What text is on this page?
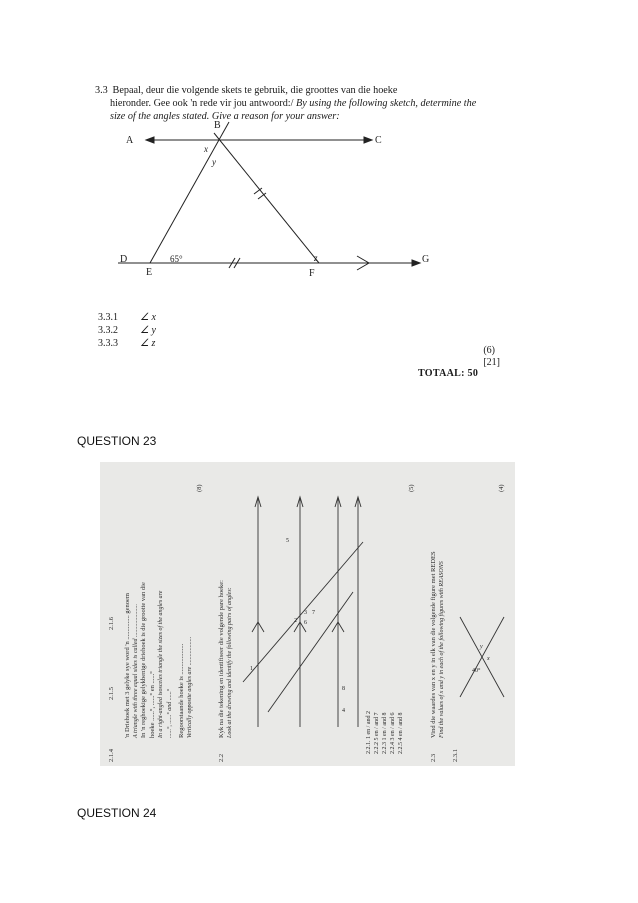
3.3 Bepaal, deur die volgende skets te gebruik, die groottes van die hoeke
hieronder. Gee ook 'n rede vir jou antwoord:/ By using the following sketch, determine the
size of the angles stated. Give a reason for your answer:
A
B
C
D
E	F
G
65°
x
y
z
3.3.1 ∠ x
3.3.2 ∠ y
3.3.3 ∠ z
(6)
[21]
TOTAAL: 50
QUESTION 23
QUESTION 24
2.1.4
'n Driehoek met 3 gelyke sye word 'n ............... genoem A triangle with three equal sides is called ......................
2.1.5	In 'n reghoekige gelykbenige driehoek is die grootte van die hoeke ......°, ......° en ......° In a right-angled isosceles triangle the sizes of the angles are ......°, ......° and ......°
2.1.6
Regoorstaande hoeke is ................... Vertically opposite angles are ...................
(8)
2.2
Kyk na die tekening en identifiseer die volgende pare hoeke: Look at the drawing and identify the following pairs of angles:	1
2
3
4
5
6
7
8
2.2.1. 1 en / and 2 2.2.2 5 en / and 7 2.2.3 1 en / and 8 2.2.4 3 en / and 6 2.2.5 4 en / and 8
(5)
2.3
Vind die waardes van x en y in elk van die volgende figure met REDES Find the values of x and y in each of the following figures with REASONS
2.3.1
(4)
40°
x
y
